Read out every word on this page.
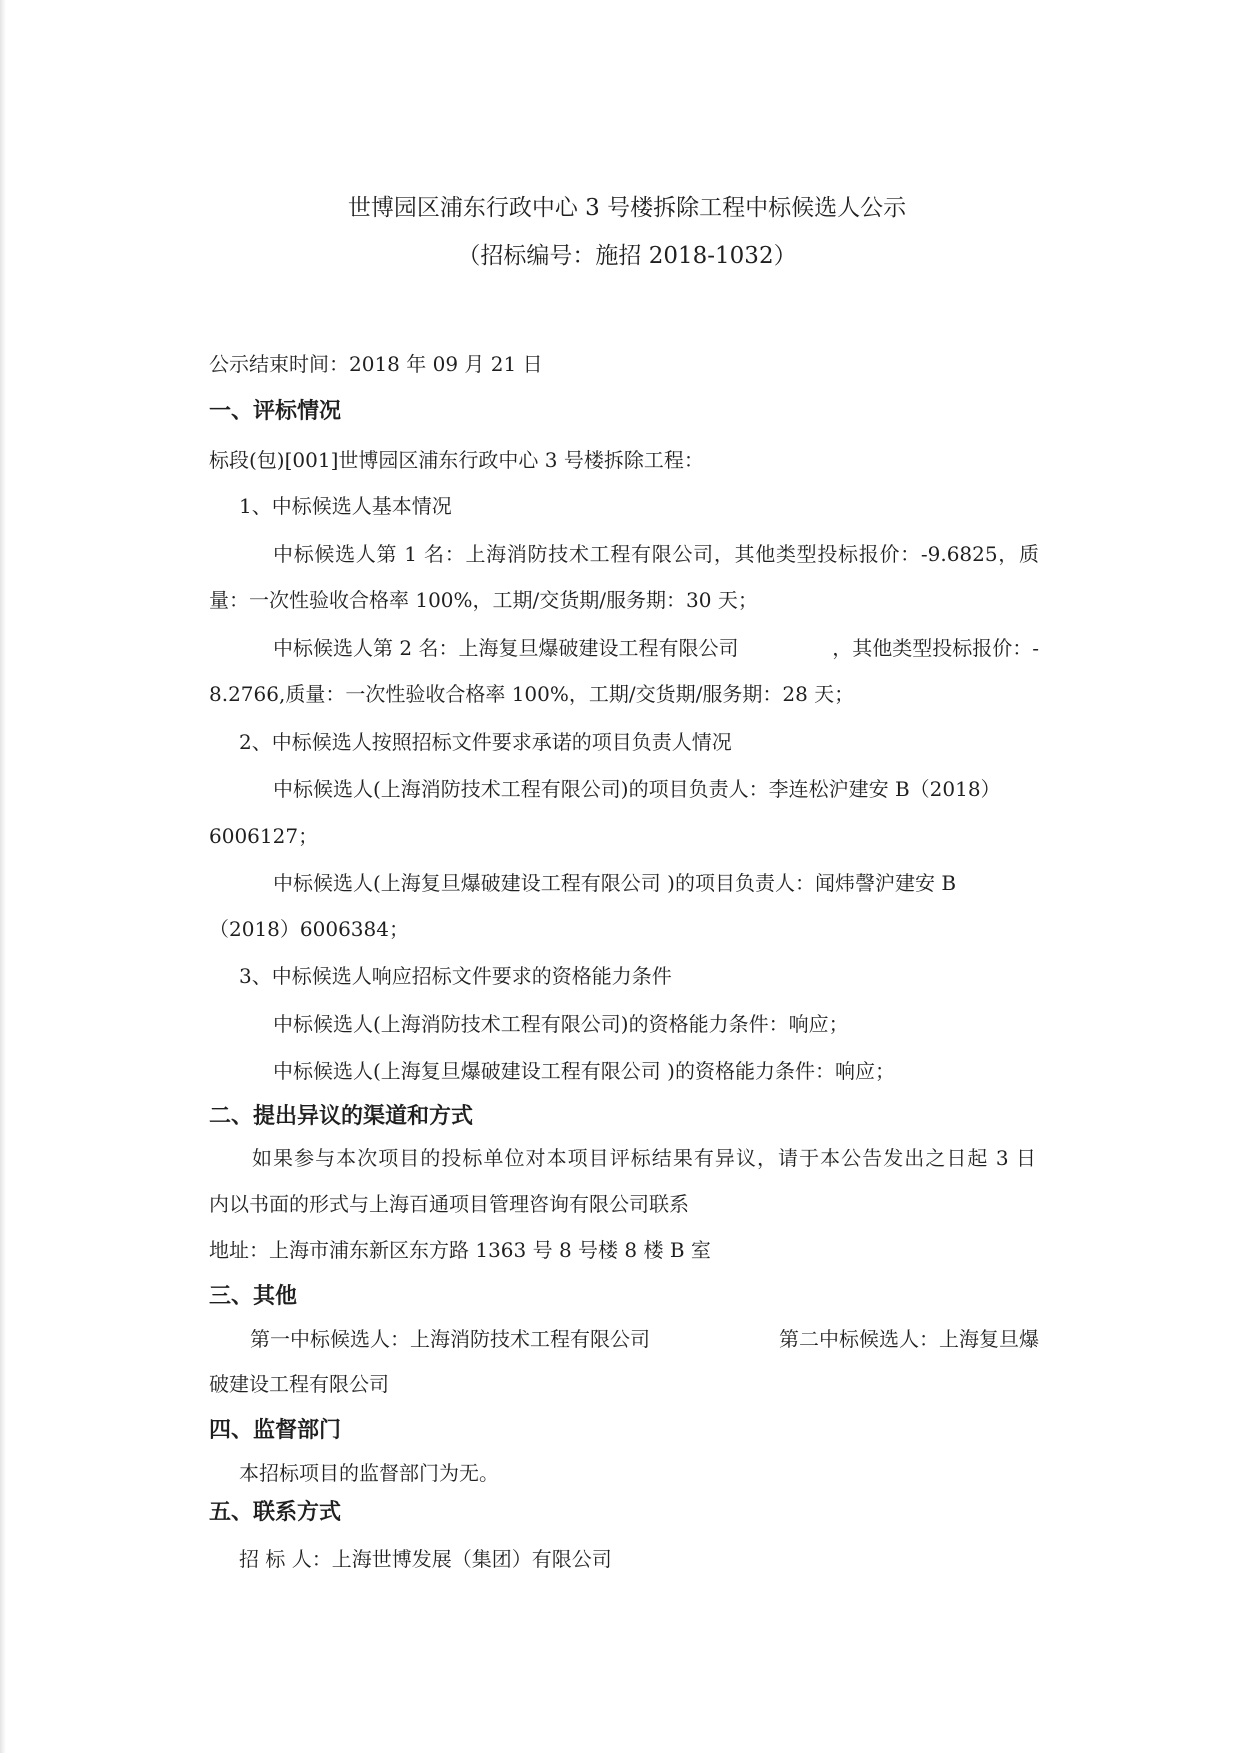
世博园区浦东行政中心 3 号楼拆除工程中标候选人公示
（招标编号：施招 2018-1032）
公示结束时间：2018 年 09 月 21 日
一、评标情况
标段(包)[001]世博园区浦东行政中心 3 号楼拆除工程：
1、中标候选人基本情况
中标候选人第 1 名：上海消防技术工程有限公司，其他类型投标报价：-9.6825，质
量：一次性验收合格率 100%，工期/交货期/服务期：30 天；
中标候选人第 2 名：上海复旦爆破建设工程有限公司	，其他类型投标报价：-
8.2766,质量：一次性验收合格率 100%，工期/交货期/服务期：28 天；
2、中标候选人按照招标文件要求承诺的项目负责人情况
中标候选人(上海消防技术工程有限公司)的项目负责人：李连松沪建安 B（2018）
6006127；
中标候选人(上海复旦爆破建设工程有限公司 )的项目负责人：闻炜謦沪建安 B
（2018）6006384；
3、中标候选人响应招标文件要求的资格能力条件
中标候选人(上海消防技术工程有限公司)的资格能力条件：响应；
中标候选人(上海复旦爆破建设工程有限公司 )的资格能力条件：响应；
二、提出异议的渠道和方式
如果参与本次项目的投标单位对本项目评标结果有异议，请于本公告发出之日起 3 日
内以书面的形式与上海百通项目管理咨询有限公司联系
地址：上海市浦东新区东方路 1363 号 8 号楼 8 楼 B 室
三、其他
第一中标候选人：上海消防技术工程有限公司	第二中标候选人：上海复旦爆
破建设工程有限公司
四、监督部门
本招标项目的监督部门为无。
五、联系方式
招 标 人：上海世博发展（集团）有限公司
